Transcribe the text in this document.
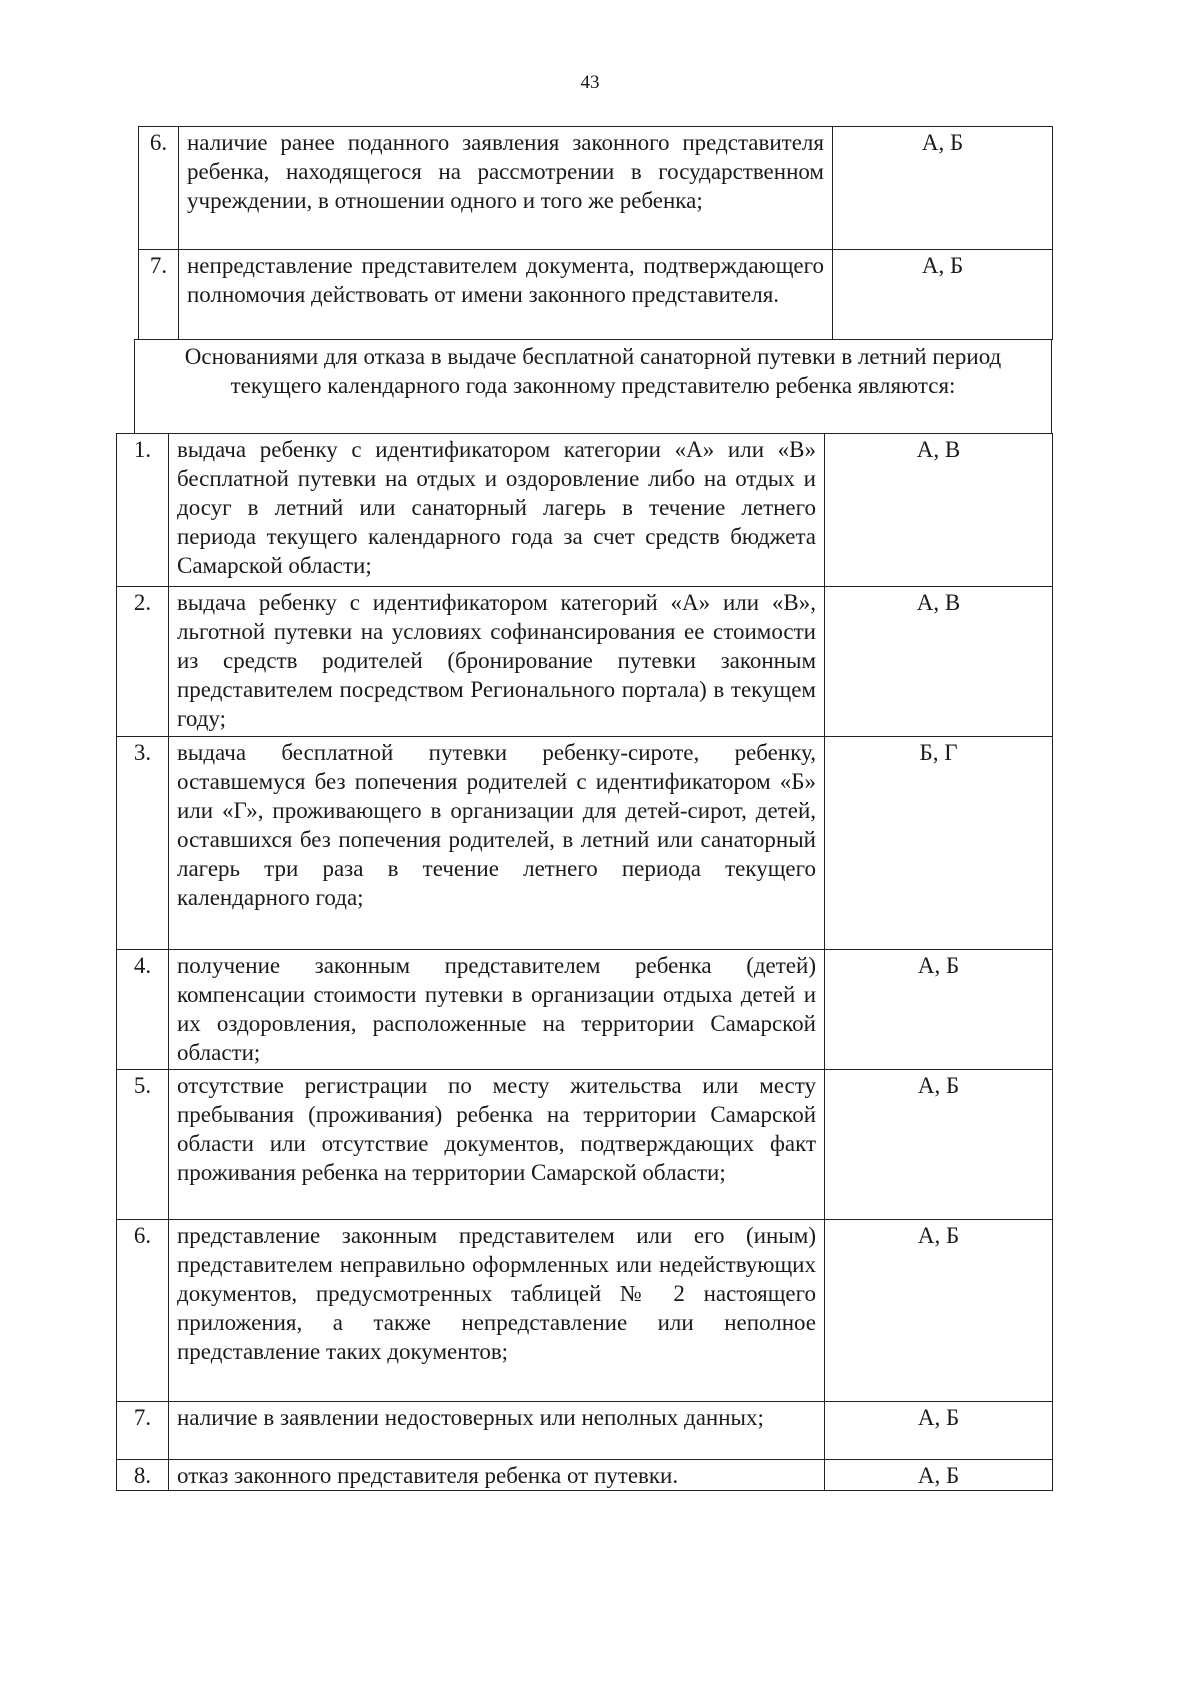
43
6.	наличие ранее поданного заявления законного представителя ребенка, находящегося на рассмотрении в государственном учреждении, в отношении одного и того же ребенка;	А, Б
7.	непредставление представителем документа, подтверждающего полномочия действовать от имени законного представителя.	А, Б
Основаниями для отказа в выдаче бесплатной санаторной путевки в летний период текущего календарного года законному представителю ребенка являются:
1.	выдача ребенку с идентификатором категории «А» или «В» бесплатной путевки на отдых и оздоровление либо на отдых и досуг в летний или санаторный лагерь в течение летнего периода текущего календарного года за счет средств бюджета Самарской области;	А, В
2.	выдача ребенку с идентификатором категорий «А» или «В», льготной путевки на условиях софинансирования ее стоимости из средств родителей (бронирование путевки законным представителем посредством Регионального портала) в текущем году;	А, В
3.	выдача бесплатной путевки ребенку-сироте, ребенку, оставшемуся без попечения родителей с идентификатором «Б» или «Г», проживающего в организации для детей-сирот, детей, оставшихся без попечения родителей, в летний или санаторный лагерь три раза в течение летнего периода текущего календарного года;	Б, Г
4.	получение законным представителем ребенка (детей) компенсации стоимости путевки в организации отдыха детей и их оздоровления, расположенные на территории Самарской области;	А, Б
5.	отсутствие регистрации по месту жительства или месту пребывания (проживания) ребенка на территории Самарской области или отсутствие документов, подтверждающих факт проживания ребенка на территории Самарской области;	А, Б
6.	представление законным представителем или его (иным) представителем неправильно оформленных или недействующих документов, предусмотренных таблицей № 2 настоящего приложения, а также непредставление или неполное представление таких документов;	А, Б
7.	наличие в заявлении недостоверных или неполных данных;	А, Б
8.	отказ законного представителя ребенка от путевки.	А, Б
